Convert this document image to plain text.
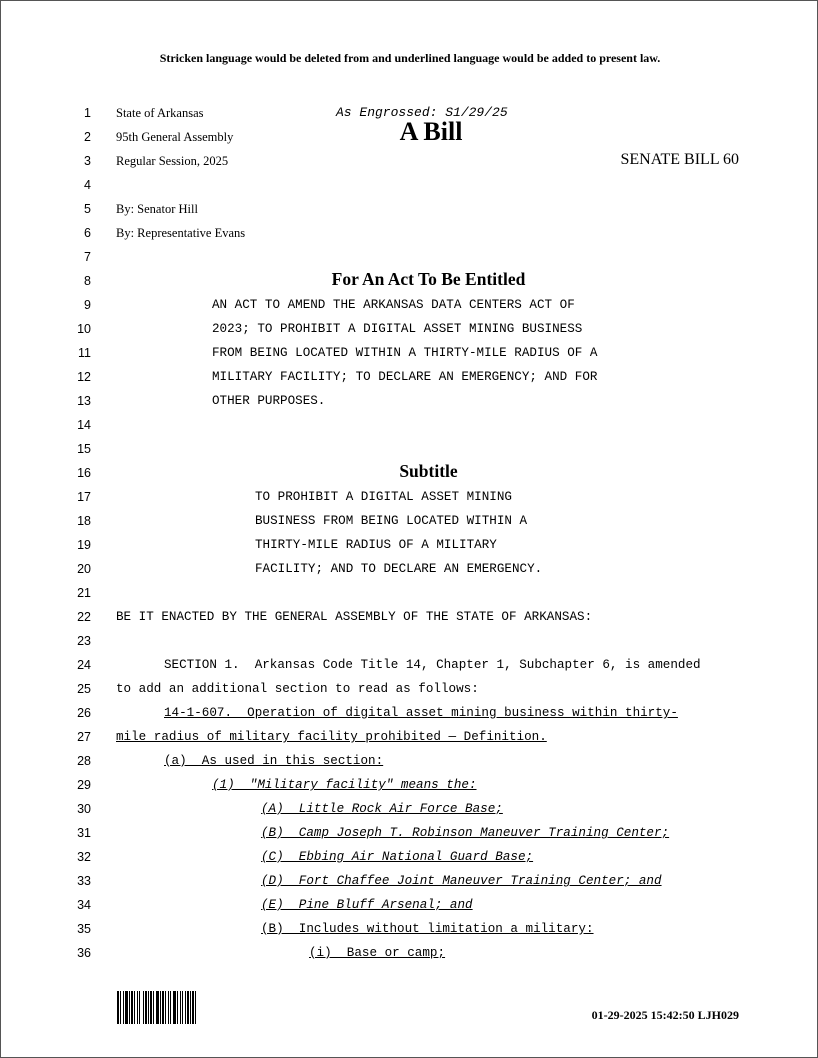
Stricken language would be deleted from and underlined language would be added to present law.
1
2
3
4
5
6
7
8
9
10
11
12
13
14
15
16
17
18
19
20
21
22
23
24
25
26
27
28
29
30
31
32
33
34
35
36
State of Arkansas
95th General Assembly
Regular Session, 2025
As Engrossed: S1/29/25
A Bill
SENATE BILL 60
By: Senator Hill
By: Representative Evans
For An Act To Be Entitled
AN ACT TO AMEND THE ARKANSAS DATA CENTERS ACT OF
2023; TO PROHIBIT A DIGITAL ASSET MINING BUSINESS
FROM BEING LOCATED WITHIN A THIRTY-MILE RADIUS OF A
MILITARY FACILITY; TO DECLARE AN EMERGENCY; AND FOR
OTHER PURPOSES.
Subtitle
TO PROHIBIT A DIGITAL ASSET MINING
BUSINESS FROM BEING LOCATED WITHIN A
THIRTY-MILE RADIUS OF A MILITARY
FACILITY; AND TO DECLARE AN EMERGENCY.
BE IT ENACTED BY THE GENERAL ASSEMBLY OF THE STATE OF ARKANSAS:
SECTION 1.  Arkansas Code Title 14, Chapter 1, Subchapter 6, is amended
to add an additional section to read as follows:
14-1-607.  Operation of digital asset mining business within thirty-
mile radius of military facility prohibited — Definition.
(a)  As used in this section:
(1)  "Military facility" means the:
(A)  Little Rock Air Force Base;
(B)  Camp Joseph T. Robinson Maneuver Training Center;
(C)  Ebbing Air National Guard Base;
(D)  Fort Chaffee Joint Maneuver Training Center; and
(E)  Pine Bluff Arsenal; and
(B)  Includes without limitation a military:
(i)  Base or camp;
01-29-2025 15:42:50 LJH029
